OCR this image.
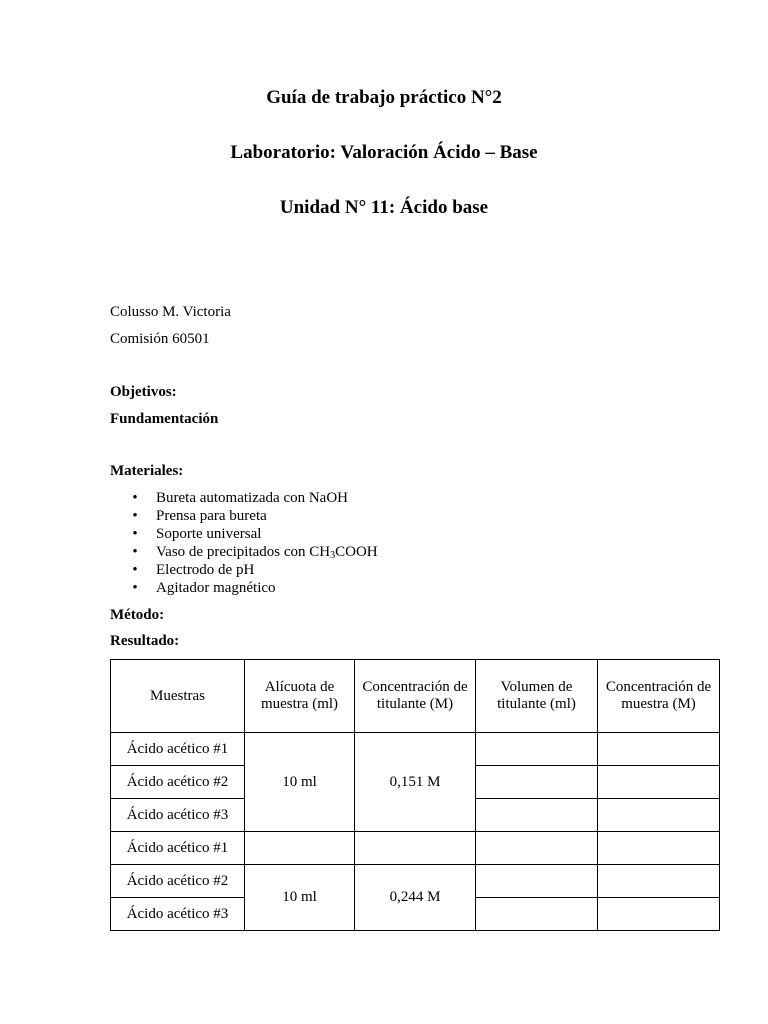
Guía de trabajo práctico N°2
Laboratorio: Valoración Ácido – Base
Unidad N° 11: Ácido base
Colusso M. Victoria
Comisión 60501
Objetivos:
Fundamentación
Materiales:
• Bureta automatizada con NaOH
• Prensa para bureta
• Soporte universal
• Vaso de precipitados con $CH_3COOH$
• Electrodo de pH
• Agitador magnético
Método:
Resultado:
Muestras	Alícuota de muestra (ml)	Concentración de titulante (M)	Volumen de titulante (ml)	Concentración de muestra (M)
Ácido acético #1	10 ml	0,151 M		
Ácido acético #2				
Ácido acético #3				
Ácido acético #1				
Ácido acético #2	10 ml	0,244 M		
Ácido acético #3				
